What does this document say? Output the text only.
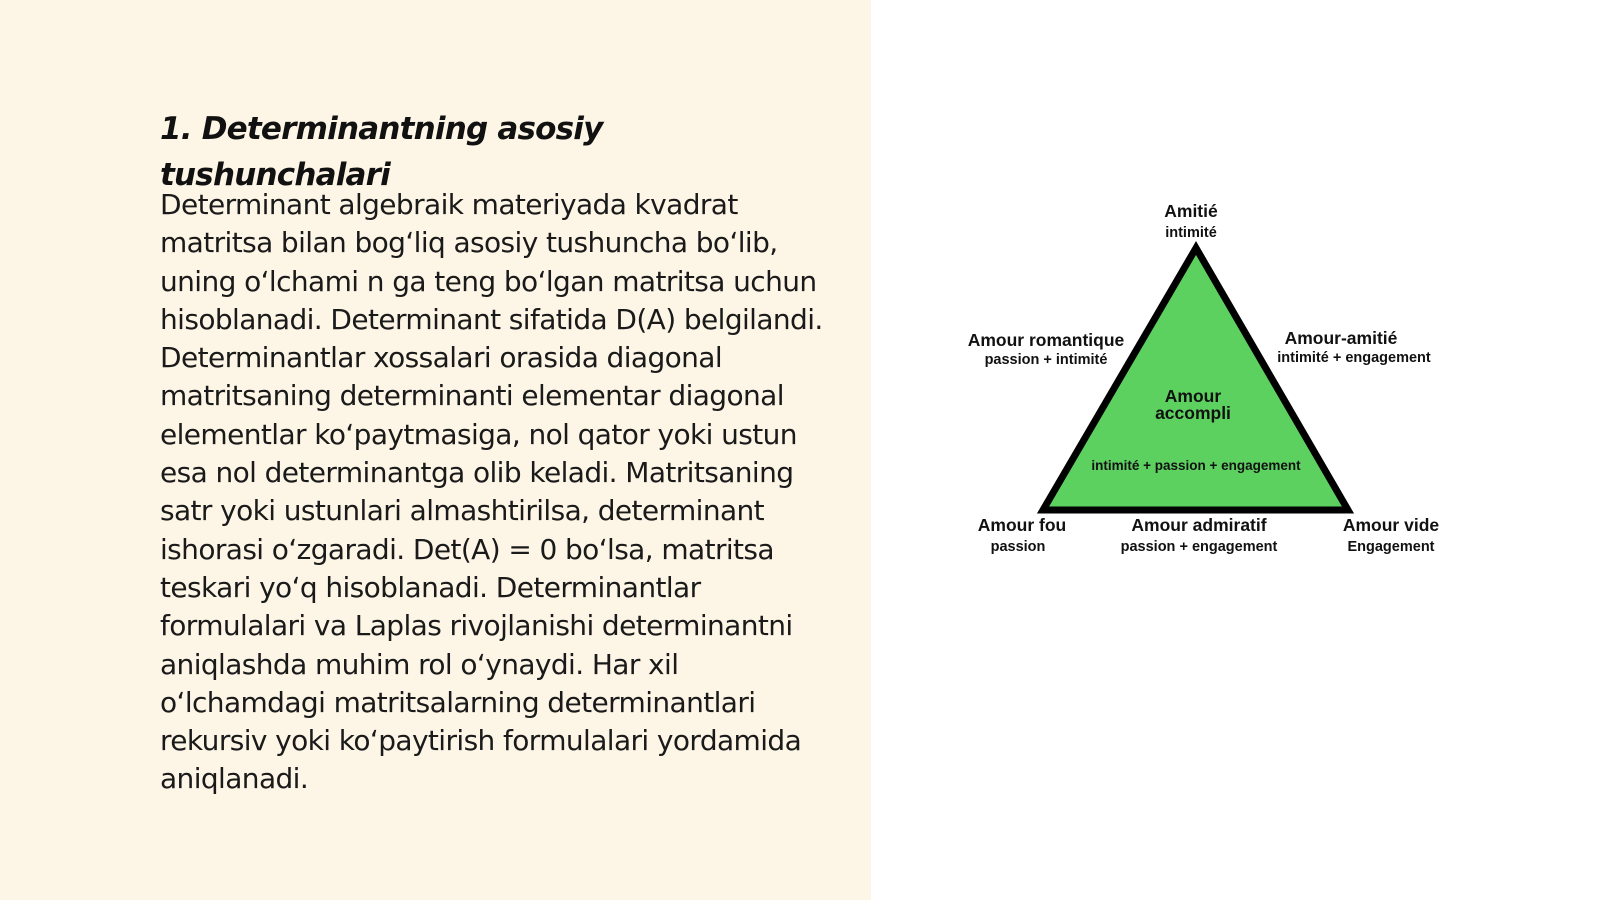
1. Determinantning asosiy tushunchalari

Determinant algebraik materiyada kvadrat matritsa bilan bogʻliq asosiy tushuncha boʻlib, uning oʻlchami n ga teng boʻlgan matritsa uchun hisoblanadi. Determinant sifatida D(A) belgilandi. Determinantlar xossalari orasida diagonal matritsaning determinanti elementar diagonal elementlar koʻpaytmasiga, nol qator yoki ustun esa nol determinantga olib keladi. Matritsaning satr yoki ustunlari almashtirilsa, determinant ishorasi oʻzgaradi. Det(A) = 0 boʻlsa, matritsa teskari yoʻq hisoblanadi. Determinantlar formulalari va Laplas rivojlanishi determinantni aniqlashda muhim rol oʻynaydi. Har xil oʻlchamdagi matritsalarning determinantlari rekursiv yoki koʻpaytirish formulalari yordamida aniqlanadi.

Amitié
intimité
Amour romantique
passion + intimité
Amour-amitié
intimité + engagement
Amour
accompli
intimité + passion + engagement
Amour fou
passion
Amour admiratif
passion + engagement
Amour vide
Engagement
